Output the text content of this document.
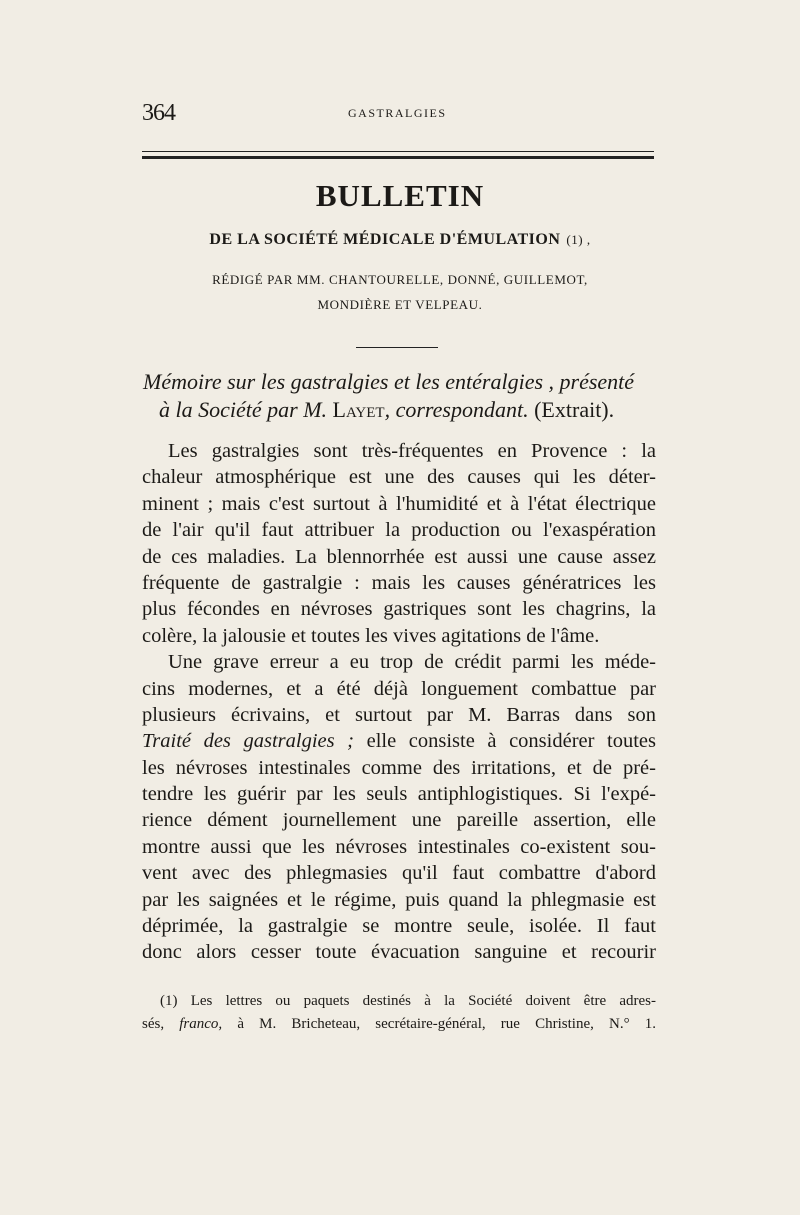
364	GASTRALGIES
BULLETIN
DE LA SOCIÉTÉ MÉDICALE D'ÉMULATION (1) ,
RÉDIGÉ PAR MM. CHANTOURELLE, DONNÉ, GUILLEMOT,
MONDIÈRE ET VELPEAU.
Mémoire sur les gastralgies et les entéralgies , présenté
à la Société par M. Layet, correspondant. (Extrait).
Les gastralgies sont très-fréquentes en Provence : la
chaleur atmosphérique est une des causes qui les déter-
minent ; mais c'est surtout à l'humidité et à l'état électrique
de l'air qu'il faut attribuer la production ou l'exaspération
de ces maladies. La blennorrhée est aussi une cause assez
fréquente de gastralgie : mais les causes génératrices les
plus fécondes en névroses gastriques sont les chagrins, la
colère, la jalousie et toutes les vives agitations de l'âme.
Une grave erreur a eu trop de crédit parmi les méde-
cins modernes, et a été déjà longuement combattue par
plusieurs écrivains, et surtout par M. Barras dans son
Traité des gastralgies ; elle consiste à considérer toutes
les névroses intestinales comme des irritations, et de pré-
tendre les guérir par les seuls antiphlogistiques. Si l'expé-
rience dément journellement une pareille assertion, elle
montre aussi que les névroses intestinales co-existent sou-
vent avec des phlegmasies qu'il faut combattre d'abord
par les saignées et le régime, puis quand la phlegmasie est
déprimée, la gastralgie se montre seule, isolée. Il faut
donc alors cesser toute évacuation sanguine et recourir
(1) Les lettres ou paquets destinés à la Société doivent être adres-
sés, franco, à M. Bricheteau, secrétaire-général, rue Christine, N.° 1.
